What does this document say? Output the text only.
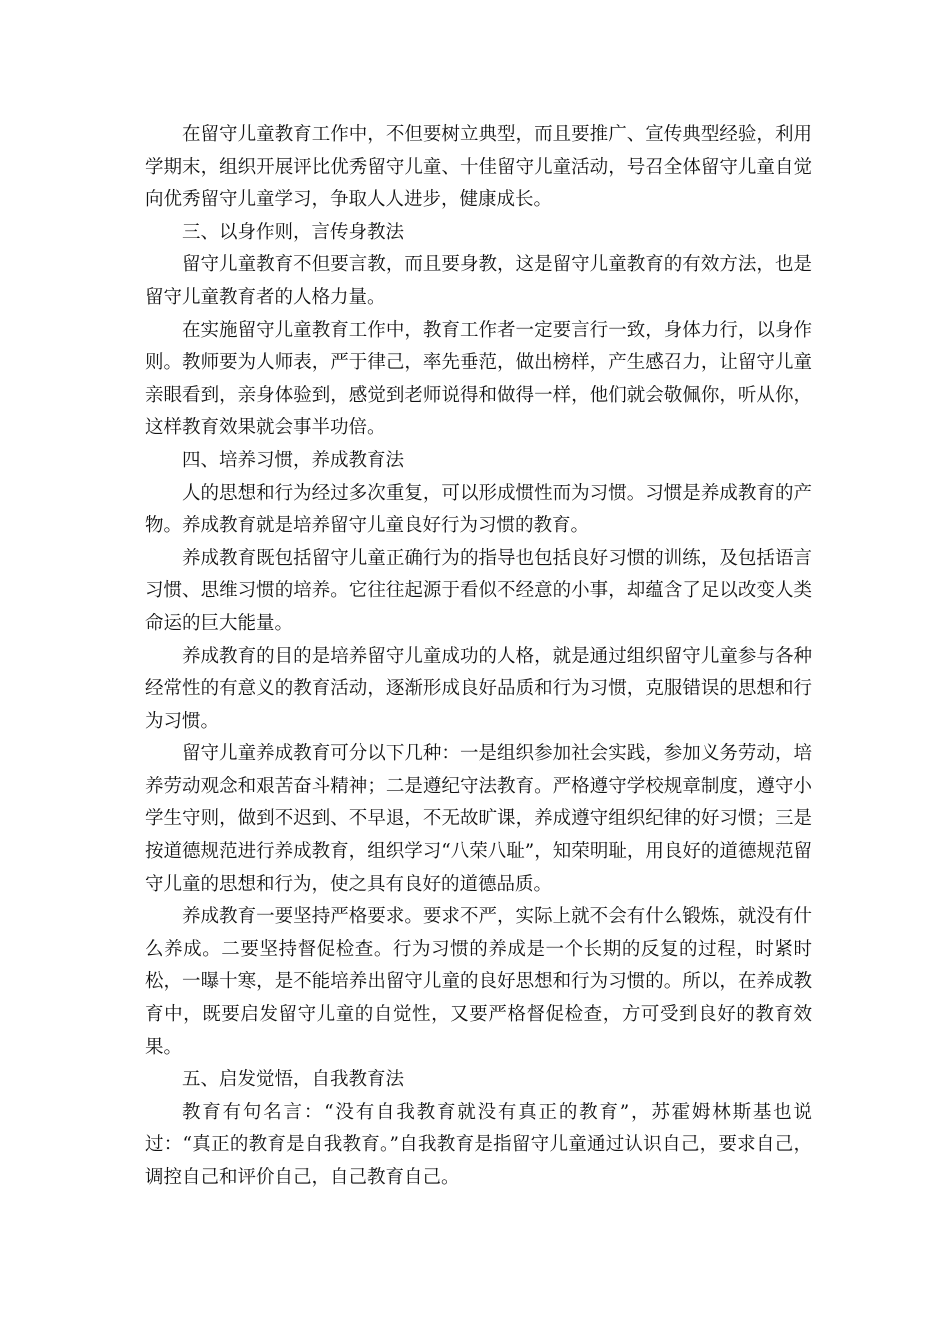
在留守儿童教育工作中，不但要树立典型，而且要推广、宣传典型经验，利用学期末，组织开展评比优秀留守儿童、十佳留守儿童活动，号召全体留守儿童自觉向优秀留守儿童学习，争取人人进步，健康成长。

三、以身作则，言传身教法

留守儿童教育不但要言教，而且要身教，这是留守儿童教育的有效方法，也是留守儿童教育者的人格力量。

在实施留守儿童教育工作中，教育工作者一定要言行一致，身体力行，以身作则。教师要为人师表，严于律己，率先垂范，做出榜样，产生感召力，让留守儿童亲眼看到，亲身体验到，感觉到老师说得和做得一样，他们就会敬佩你，听从你，这样教育效果就会事半功倍。

四、培养习惯，养成教育法

人的思想和行为经过多次重复，可以形成惯性而为习惯。习惯是养成教育的产物。养成教育就是培养留守儿童良好行为习惯的教育。

养成教育既包括留守儿童正确行为的指导也包括良好习惯的训练，及包括语言习惯、思维习惯的培养。它往往起源于看似不经意的小事，却蕴含了足以改变人类命运的巨大能量。

养成教育的目的是培养留守儿童成功的人格，就是通过组织留守儿童参与各种经常性的有意义的教育活动，逐渐形成良好品质和行为习惯，克服错误的思想和行为习惯。

留守儿童养成教育可分以下几种：一是组织参加社会实践，参加义务劳动，培养劳动观念和艰苦奋斗精神；二是遵纪守法教育。严格遵守学校规章制度，遵守小学生守则，做到不迟到、不早退，不无故旷课，养成遵守组织纪律的好习惯；三是按道德规范进行养成教育，组织学习“八荣八耻”，知荣明耻，用良好的道德规范留守儿童的思想和行为，使之具有良好的道德品质。

养成教育一要坚持严格要求。要求不严，实际上就不会有什么锻炼，就没有什么养成。二要坚持督促检查。行为习惯的养成是一个长期的反复的过程，时紧时松，一曝十寒，是不能培养出留守儿童的良好思想和行为习惯的。所以，在养成教育中，既要启发留守儿童的自觉性，又要严格督促检查，方可受到良好的教育效果。

五、启发觉悟，自我教育法

教育有句名言：“没有自我教育就没有真正的教育”，苏霍姆林斯基也说过：“真正的教育是自我教育。”自我教育是指留守儿童通过认识自己，要求自己，调控自己和评价自己，自己教育自己。
